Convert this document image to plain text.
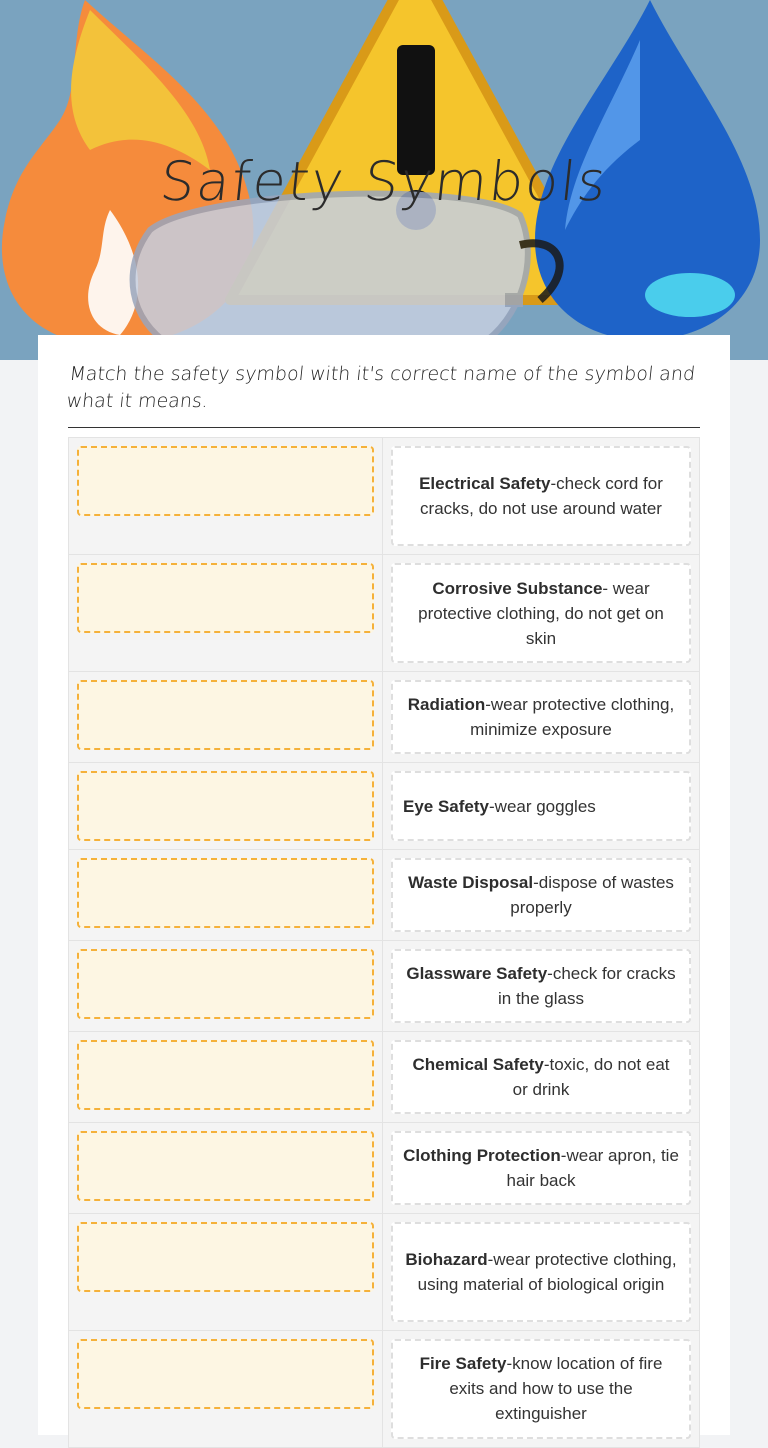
Safety Symbols
Match the safety symbol with it's correct name of the symbol and what it means.
Electrical Safety-check cord for cracks, do not use around water
Corrosive Substance- wear protective clothing, do not get on skin
Radiation-wear protective clothing, minimize exposure
Eye Safety-wear goggles
Waste Disposal-dispose of wastes properly
Glassware Safety-check for cracks in the glass
Chemical Safety-toxic, do not eat or drink
Clothing Protection-wear apron, tie hair back
Biohazard-wear protective clothing, using material of biological origin
Fire Safety-know location of fire exits and how to use the extinguisher
